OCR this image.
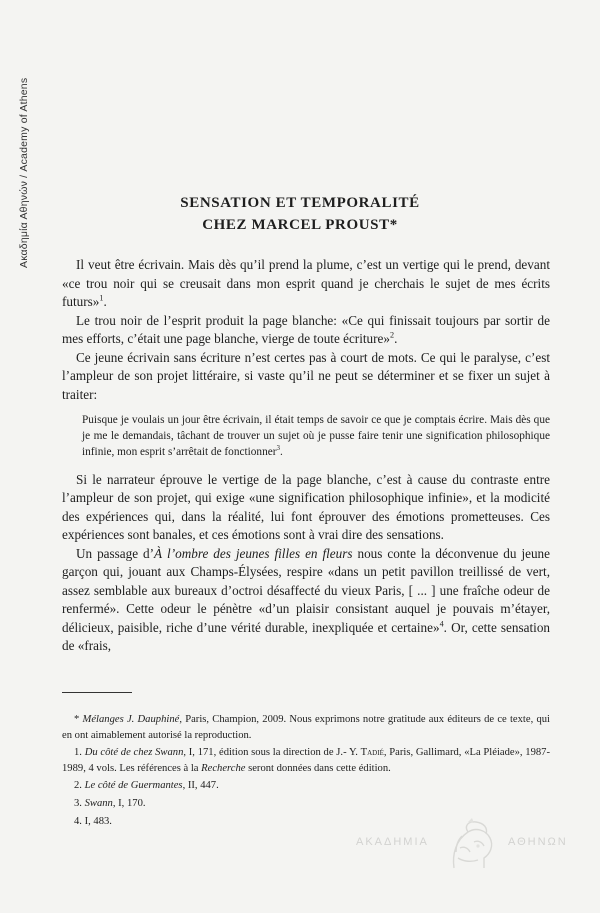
Ακαδημία Αθηνών / Academy of Athens	SENSATION ET TEMPORALITÉ
CHEZ MARCEL PROUST*

Il veut être écrivain. Mais dès qu’il prend la plume, c’est un vertige qui le prend, devant «ce trou noir qui se creusait dans mon esprit quand je cherchais le sujet de mes écrits futurs»$^1$.

Le trou noir de l’esprit produit la page blanche: «Ce qui finissait toujours par sortir de mes efforts, c’était une page blanche, vierge de toute écriture»$^2$.

Ce jeune écrivain sans écriture n’est certes pas à court de mots. Ce qui le paralyse, c’est l’ampleur de son projet littéraire, si vaste qu’il ne peut se déterminer et se fixer un sujet à traiter:

Puisque je voulais un jour être écrivain, il était temps de savoir ce que je comptais écrire. Mais dès que je me le demandais, tâchant de trouver un sujet où je pusse faire tenir une signification philosophique infinie, mon esprit s’arrêtait de fonctionner$^3$.

Si le narrateur éprouve le vertige de la page blanche, c’est à cause du contraste entre l’ampleur de son projet, qui exige «une signification philosophique infinie», et la modicité des expériences qui, dans la réalité, lui font éprouver des émotions prometteuses. Ces expériences sont banales, et ces émotions sont à vrai dire des sensations.

Un passage d’À l’ombre des jeunes filles en fleurs nous conte la déconvenue du jeune garçon qui, jouant aux Champs-Élysées, respire «dans un petit pavillon treillissé de vert, assez semblable aux bureaux d’octroi désaffecté du vieux Paris, [ ... ] une fraîche odeur de renfermé». Cette odeur le pénètre «d’un plaisir consistant auquel je pouvais m’étayer, délicieux, paisible, riche d’une vérité durable, inexpliquée et certaine»$^4$. Or, cette sensation de «frais,

* Mélanges J. Dauphiné, Paris, Champion, 2009. Nous exprimons notre gratitude aux éditeurs de ce texte, qui en ont aimablement autorisé la reproduction.

1. Du côté de chez Swann, I, 171, édition sous la direction de J.- Y. Tadié, Paris, Gallimard, «La Pléiade», 1987-1989, 4 vols. Les références à la Recherche seront données dans cette édition.

2. Le côté de Guermantes, II, 447.

3. Swann, I, 170.

4. I, 483.

ΑΚΑΔΗΜΙΑ	ΑΘΗΝΩΝ
